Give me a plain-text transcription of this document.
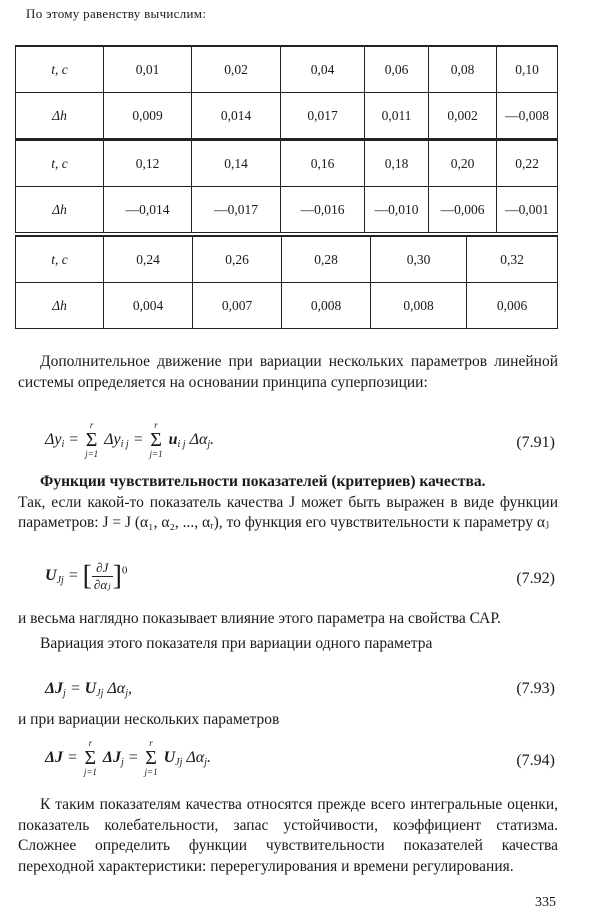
По этому равенству вычислим:
t, с	0,01	0,02	0,04	0,06	0,08	0,10
Δh	0,009	0,014	0,017	0,011	0,002	—0,008
t, с	0,12	0,14	0,16	0,18	0,20	0,22
Δh	—0,014	—0,017	—0,016	—0,010	—0,006	—0,001
t, с	0,24	0,26	0,28	0,30	0,32
Δh	0,004	0,007	0,008	0,008	0,006

Дополнительное движение при вариации нескольких параметров линейной системы определяется на основании принципа суперпозиции:

$\Delta y_i$ =
r
Σ
j=1
$\Delta y_{i j}$ =
r
Σ
j=1
$u_{i j}$ $\Delta\alpha_j$.	(7.91)

Функции чувствительности показателей (критериев) качества.

Так, если какой-то показатель качества J может быть выражен в виде функции параметров: J = J (α₁, α₂, ..., αᵣ), то функция его чувствительности к параметру αⱼ

$U_{Jj}$ = [ $\frac{\partial J}{\text{∂αⱼ}} ]^0$	(7.92)

и весьма наглядно показывает влияние этого параметра на свойства САР.

Вариация этого показателя при вариации одного параметра

$\Delta J_j = U_{Jj}$ $\Delta\alpha_j$,	(7.93)

и при вариации нескольких параметров

ΔJ =
r
Σ
j=1
$\Delta J_j$ =
r
Σ
j=1
$U_{Jj}$ $\Delta\alpha_j$.	(7.94)

К таким показателям качества относятся прежде всего интегральные оценки, показатель колебательности, запас устойчивости, коэффициент статизма. Сложнее определить функции чувствительности показателей качества переходной характеристики: перерегулирования и времени регулирования.

335
